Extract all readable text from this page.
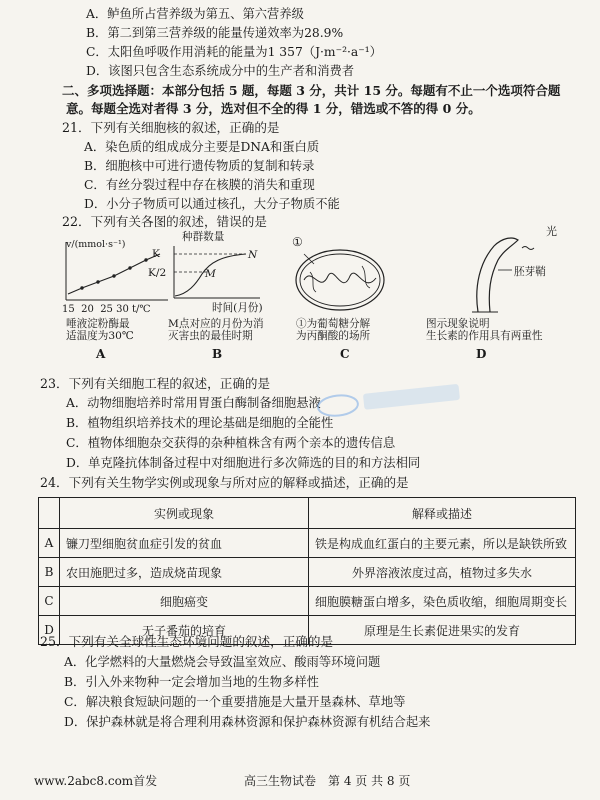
A．鲈鱼所占营养级为第五、第六营养级
B．第二到第三营养级的能量传递效率为28.9%
C．太阳鱼呼吸作用消耗的能量为1 357（J·m⁻²·a⁻¹）
D．该图只包含生态系统成分中的生产者和消费者
二、多项选择题：本部分包括 5 题，每题 3 分，共计 15 分。每题有不止一个选项符合题
意。每题全选对者得 3 分，选对但不全的得 1 分，错选或不答的得 0 分。
21．下列有关细胞核的叙述，正确的是
A．染色质的组成成分主要是DNA和蛋白质
B．细胞核中可进行遗传物质的复制和转录
C．有丝分裂过程中存在核膜的消失和重现
D．小分子物质可以通过核孔，大分子物质不能
22．下列有关各图的叙述，错误的是
v/(mmol·s⁻¹)
15 20 25 30 t/℃
唾液淀粉酶最
适温度为30℃
A
种群数量
K
K/2
N
M
时间(月份)
M点对应的月份为消
灭害虫的最佳时期
B
①
①为葡萄糖分解
为丙酮酸的场所
C
光
胚芽鞘
图示现象说明
生长素的作用具有两重性
D
23．下列有关细胞工程的叙述，正确的是
A．动物细胞培养时常用胃蛋白酶制备细胞悬液
B．植物组织培养技术的理论基础是细胞的全能性
C．植物体细胞杂交获得的杂种植株含有两个亲本的遗传信息
D．单克隆抗体制备过程中对细胞进行多次筛选的目的和方法相同
24．下列有关生物学实例或现象与所对应的解释或描述，正确的是
	实例或现象	解释或描述
A	镰刀型细胞贫血症引发的贫血	铁是构成血红蛋白的主要元素，所以是缺铁所致
B	农田施肥过多，造成烧苗现象	外界溶液浓度过高，植物过多失水
C	细胞癌变	细胞膜糖蛋白增多，染色质收缩，细胞周期变长
D	无子番茄的培育	原理是生长素促进果实的发育
25．下列有关全球性生态环境问题的叙述，正确的是
A．化学燃料的大量燃烧会导致温室效应、酸雨等环境问题
B．引入外来物种一定会增加当地的生物多样性
C．解决粮食短缺问题的一个重要措施是大量开垦森林、草地等
D．保护森林就是将合理利用森林资源和保护森林资源有机结合起来
www.2abc8.com首发	高三生物试卷　第 4 页 共 8 页
